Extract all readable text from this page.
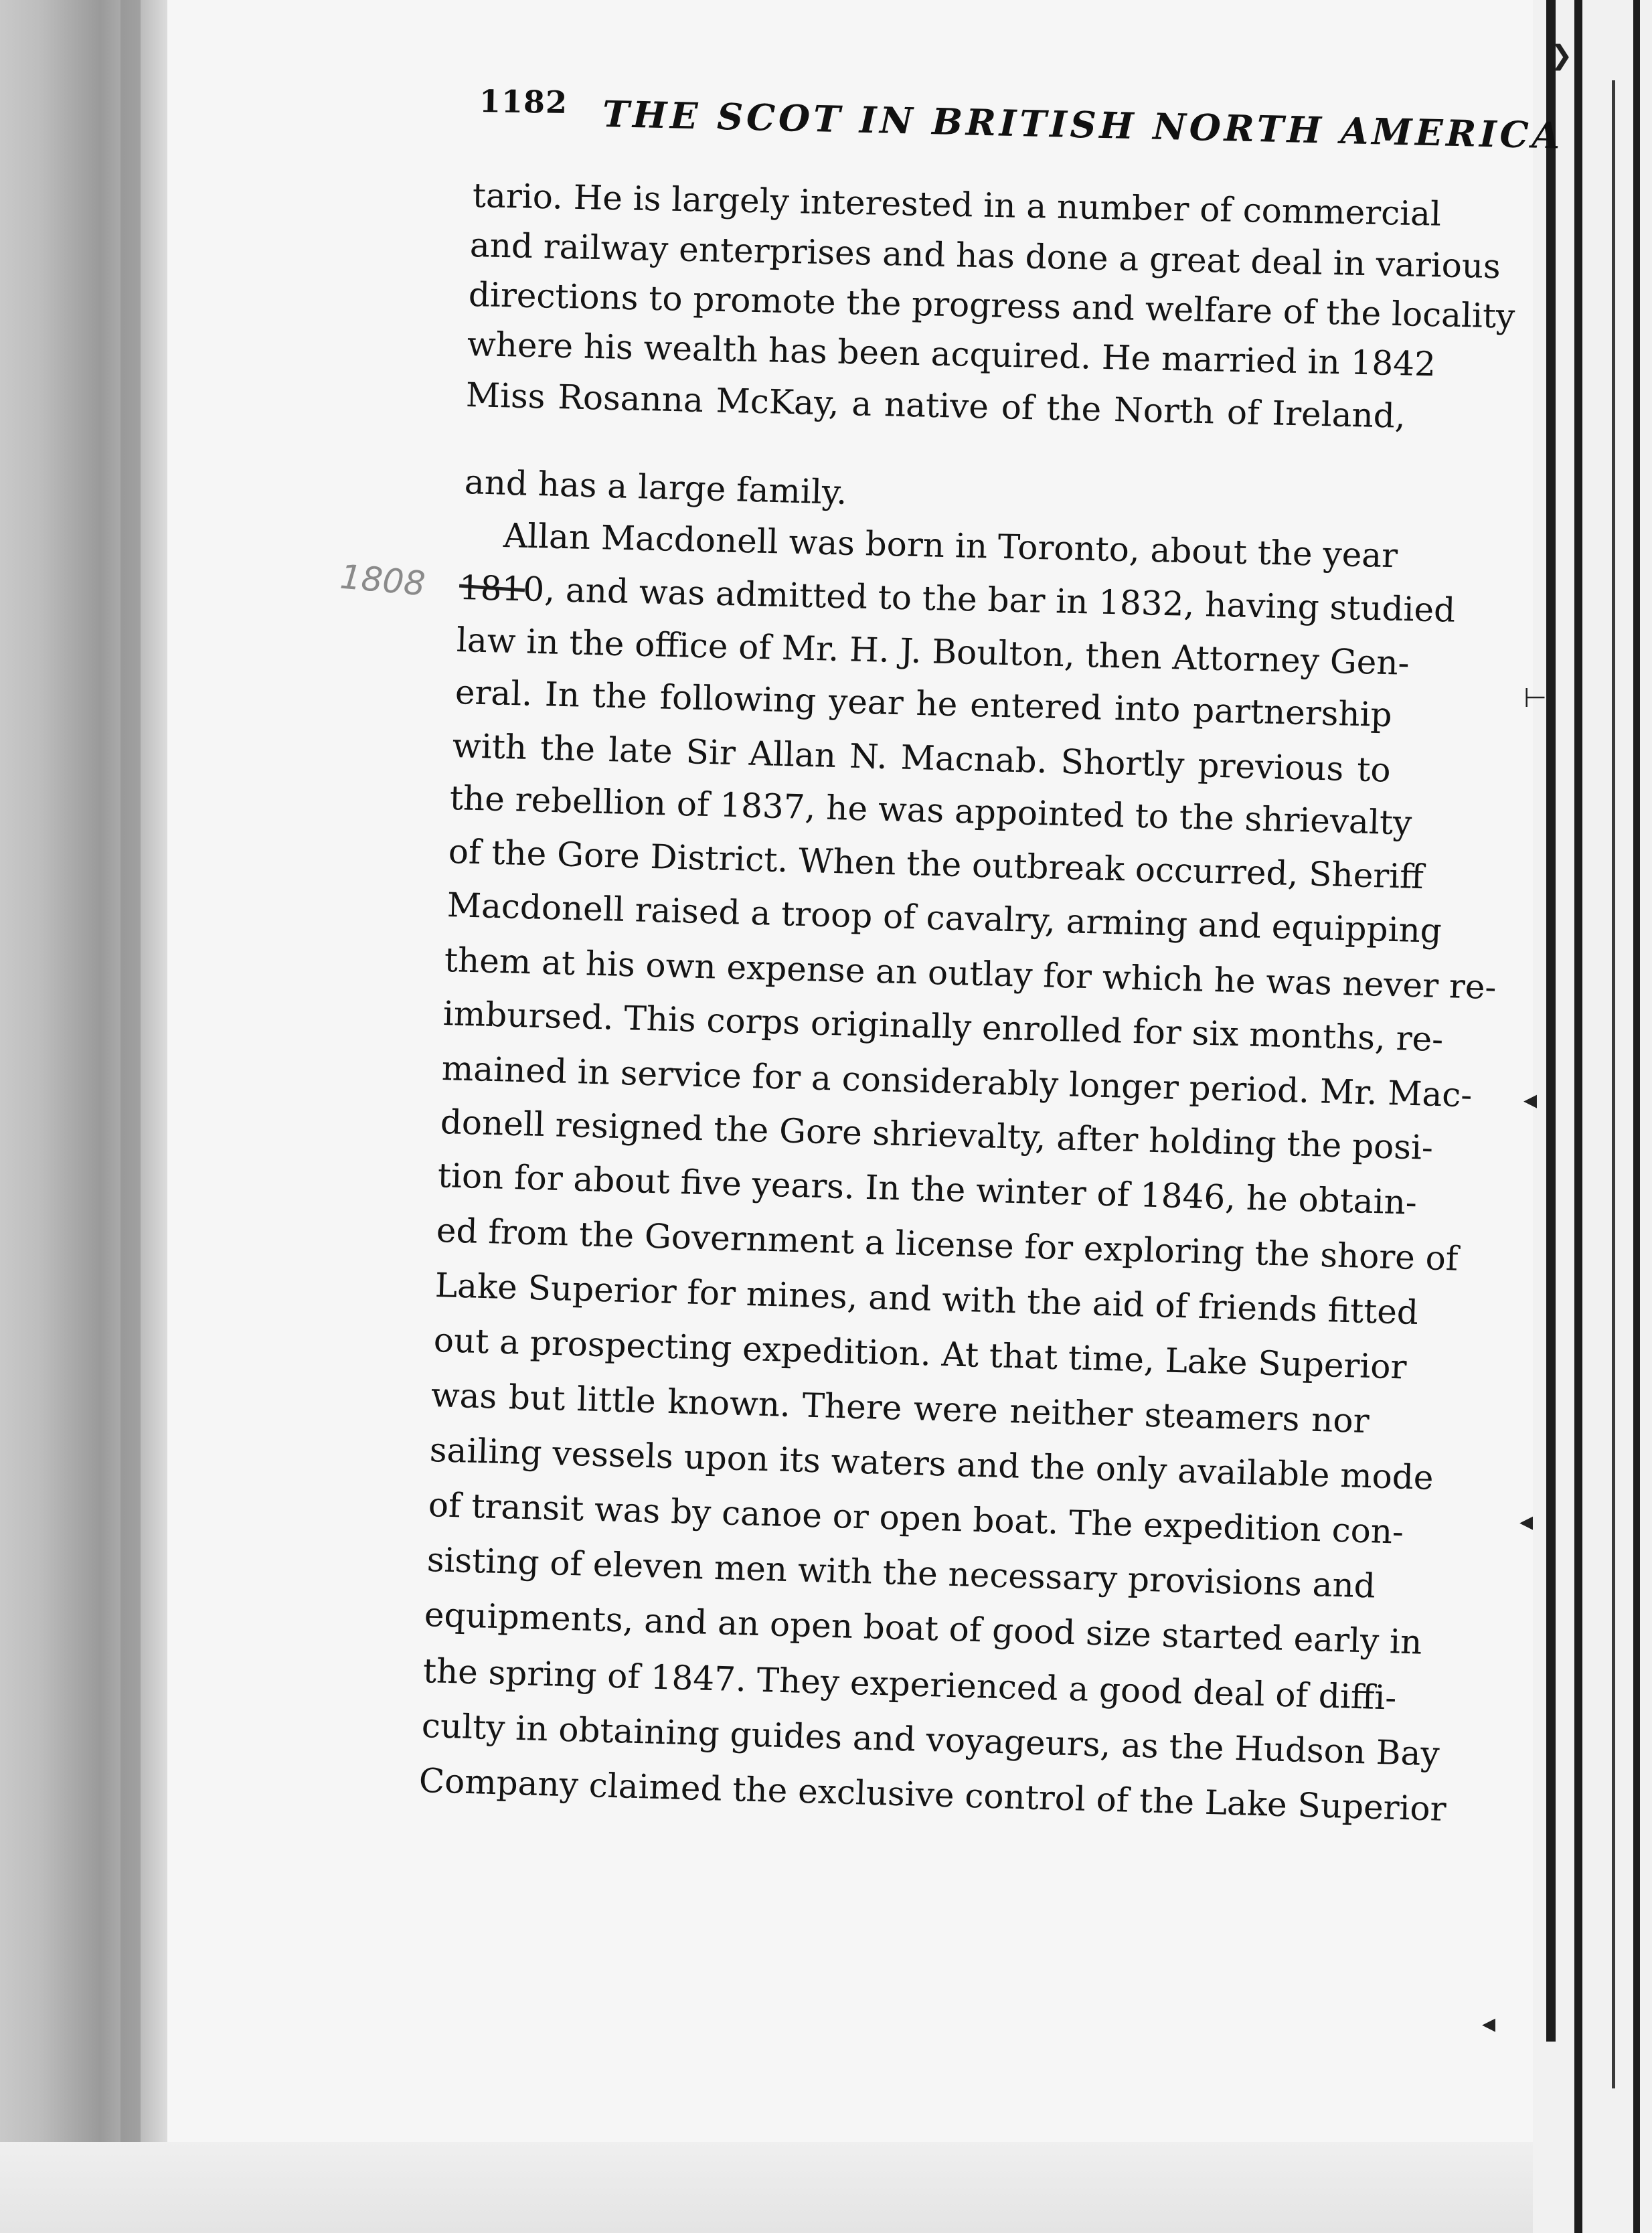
❯
⊢
◂
◂
◂
1182 THE SCOT IN BRITISH NORTH AMERICA

1808

tario. He is largely interested in a number of commercial

and railway enterprises and has done a great deal in various

directions to promote the progress and welfare of the locality

where his wealth has been acquired. He married in 1842

Miss Rosanna McKay, a native of the North of Ireland,

and has a large family.

Allan Macdonell was born in Toronto, about the year

1810, and was admitted to the bar in 1832, having studied

law in the office of Mr. H. J. Boulton, then Attorney Gen-

eral. In the following year he entered into partnership

with the late Sir Allan N. Macnab. Shortly previous to

the rebellion of 1837, he was appointed to the shrievalty

of the Gore District. When the outbreak occurred, Sheriff

Macdonell raised a troop of cavalry, arming and equipping

them at his own expense an outlay for which he was never re-

imbursed. This corps originally enrolled for six months, re-

mained in service for a considerably longer period. Mr. Mac-

donell resigned the Gore shrievalty, after holding the posi-

tion for about five years. In the winter of 1846, he obtain-

ed from the Government a license for exploring the shore of

Lake Superior for mines, and with the aid of friends fitted

out a prospecting expedition. At that time, Lake Superior

was but little known. There were neither steamers nor

sailing vessels upon its waters and the only available mode

of transit was by canoe or open boat. The expedition con-

sisting of eleven men with the necessary provisions and

equipments, and an open boat of good size started early in

the spring of 1847. They experienced a good deal of diffi-

culty in obtaining guides and voyageurs, as the Hudson Bay

Company claimed the exclusive control of the Lake Superior
